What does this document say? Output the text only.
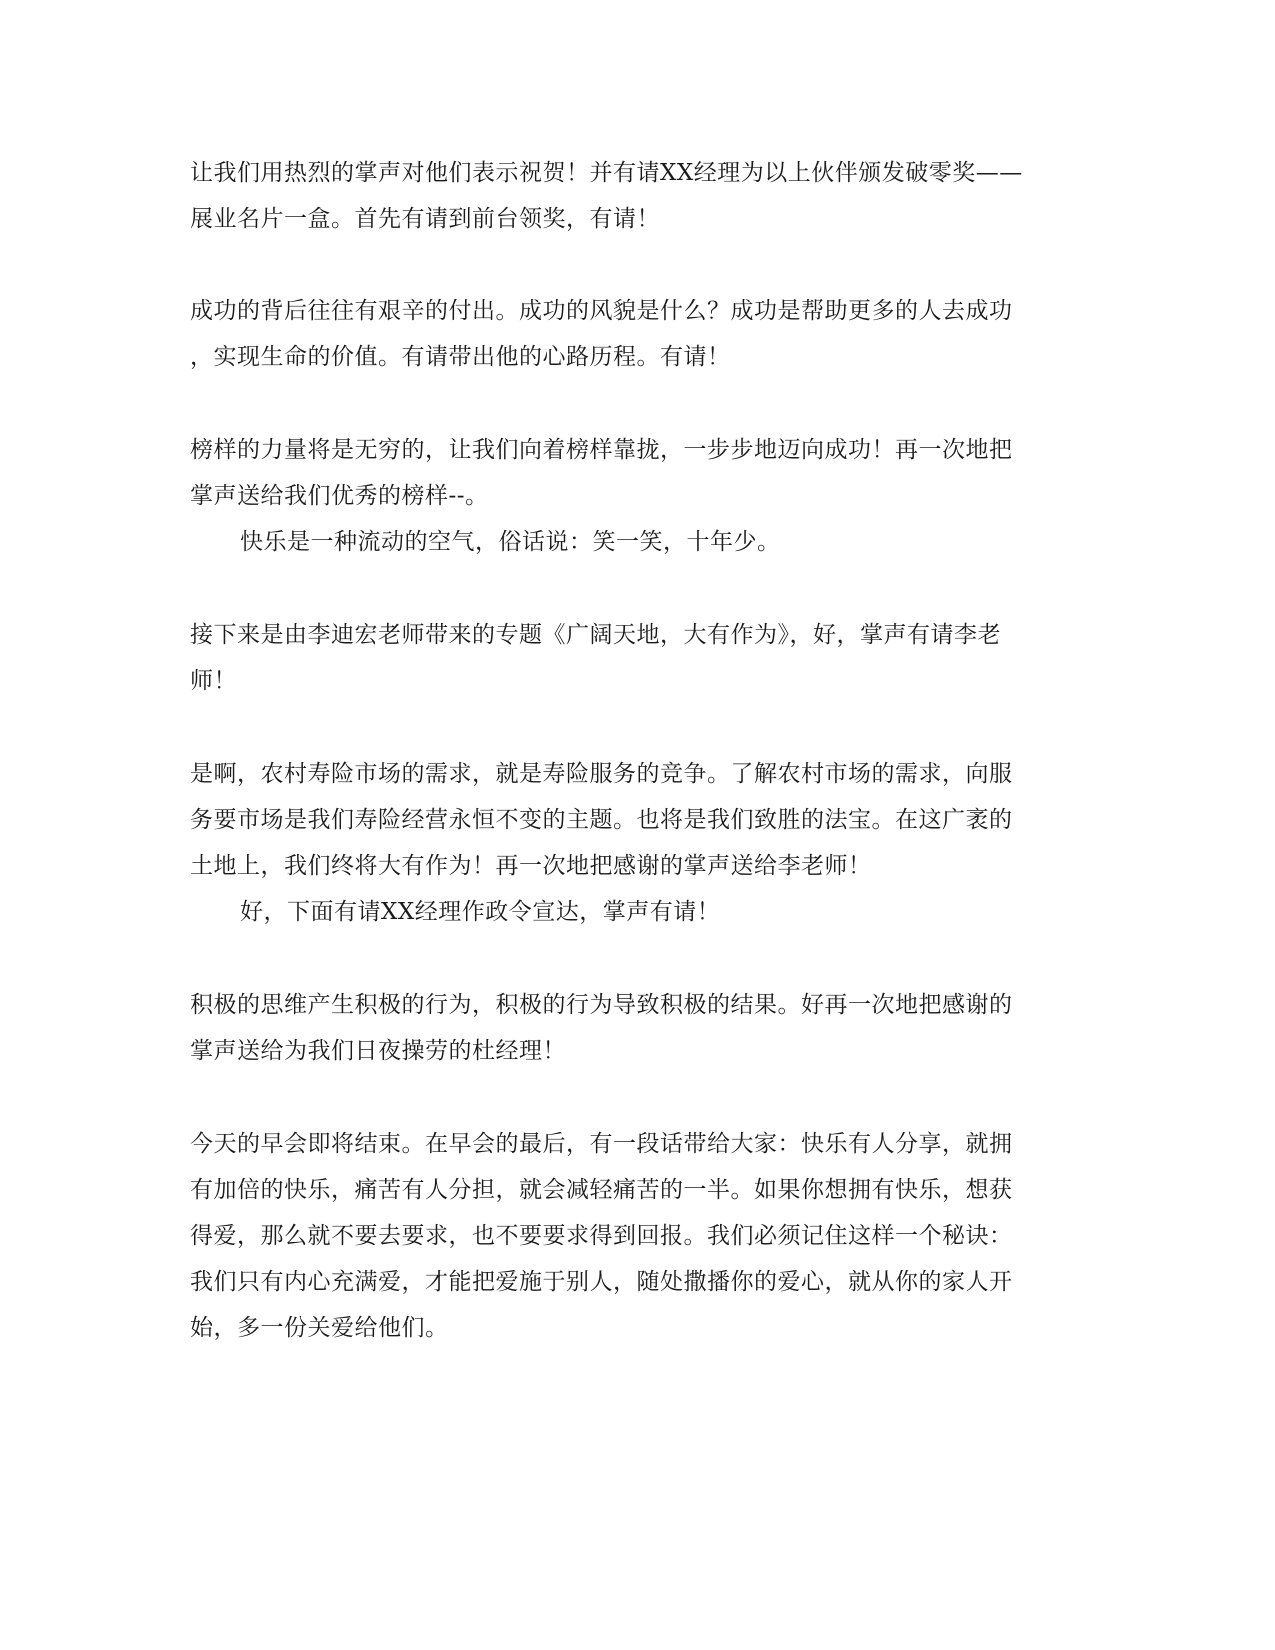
让我们用热烈的掌声对他们表示祝贺！并有请XX经理为以上伙伴颁发破零奖——
展业名片一盒。首先有请到前台领奖，有请！
成功的背后往往有艰辛的付出。成功的风貌是什么？成功是帮助更多的人去成功
，实现生命的价值。有请带出他的心路历程。有请！
榜样的力量将是无穷的，让我们向着榜样靠拢，一步步地迈向成功！再一次地把
掌声送给我们优秀的榜样--。
快乐是一种流动的空气，俗话说：笑一笑，十年少。
接下来是由李迪宏老师带来的专题《广阔天地，大有作为》，好，掌声有请李老
师！
是啊，农村寿险市场的需求，就是寿险服务的竞争。了解农村市场的需求，向服
务要市场是我们寿险经营永恒不变的主题。也将是我们致胜的法宝。在这广袤的
土地上，我们终将大有作为！再一次地把感谢的掌声送给李老师！
好，下面有请XX经理作政令宣达，掌声有请！
积极的思维产生积极的行为，积极的行为导致积极的结果。好再一次地把感谢的
掌声送给为我们日夜操劳的杜经理！
今天的早会即将结束。在早会的最后，有一段话带给大家：快乐有人分享，就拥
有加倍的快乐，痛苦有人分担，就会减轻痛苦的一半。如果你想拥有快乐，想获
得爱，那么就不要去要求，也不要要求得到回报。我们必须记住这样一个秘诀：
我们只有内心充满爱，才能把爱施于别人，随处撒播你的爱心，就从你的家人开
始，多一份关爱给他们。
